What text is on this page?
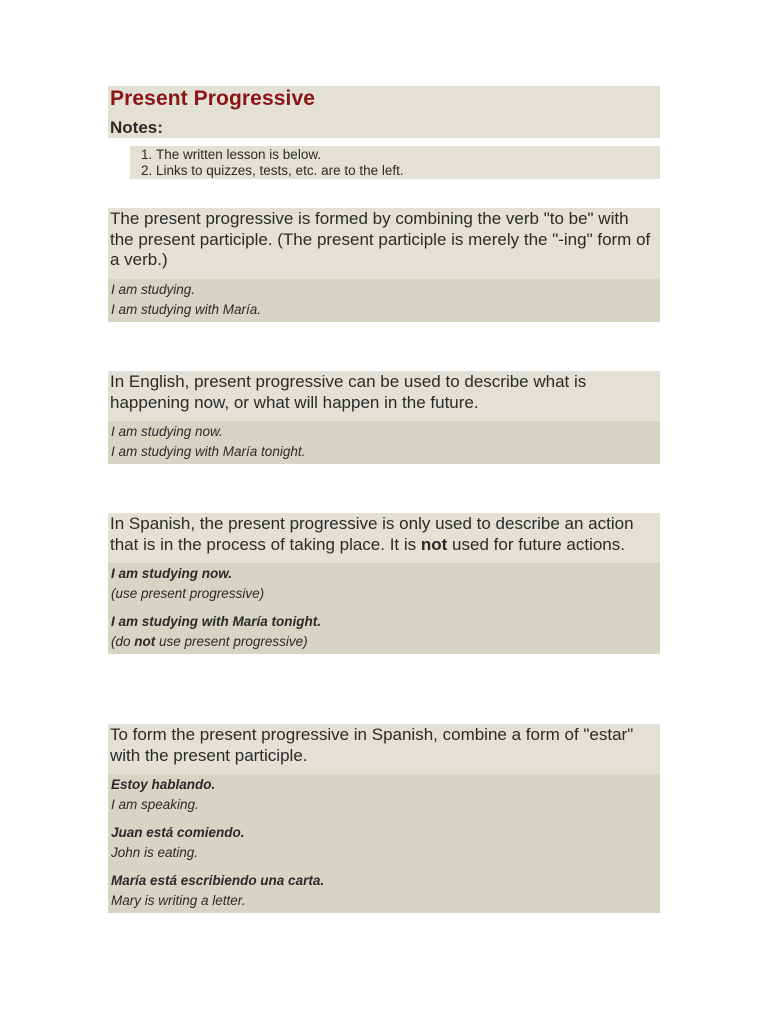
Present Progressive
Notes:
1. The written lesson is below.
2. Links to quizzes, tests, etc. are to the left.
The present progressive is formed by combining the verb "to be" with the present participle. (The present participle is merely the "-ing" form of a verb.)
I am studying.
I am studying with María.
In English, present progressive can be used to describe what is happening now, or what will happen in the future.
I am studying now.
I am studying with María tonight.
In Spanish, the present progressive is only used to describe an action that is in the process of taking place. It is not used for future actions.
I am studying now.
(use present progressive)
I am studying with María tonight.
(do not use present progressive)
To form the present progressive in Spanish, combine a form of "estar" with the present participle.
Estoy hablando.
I am speaking.
Juan está comiendo.
John is eating.
María está escribiendo una carta.
Mary is writing a letter.
